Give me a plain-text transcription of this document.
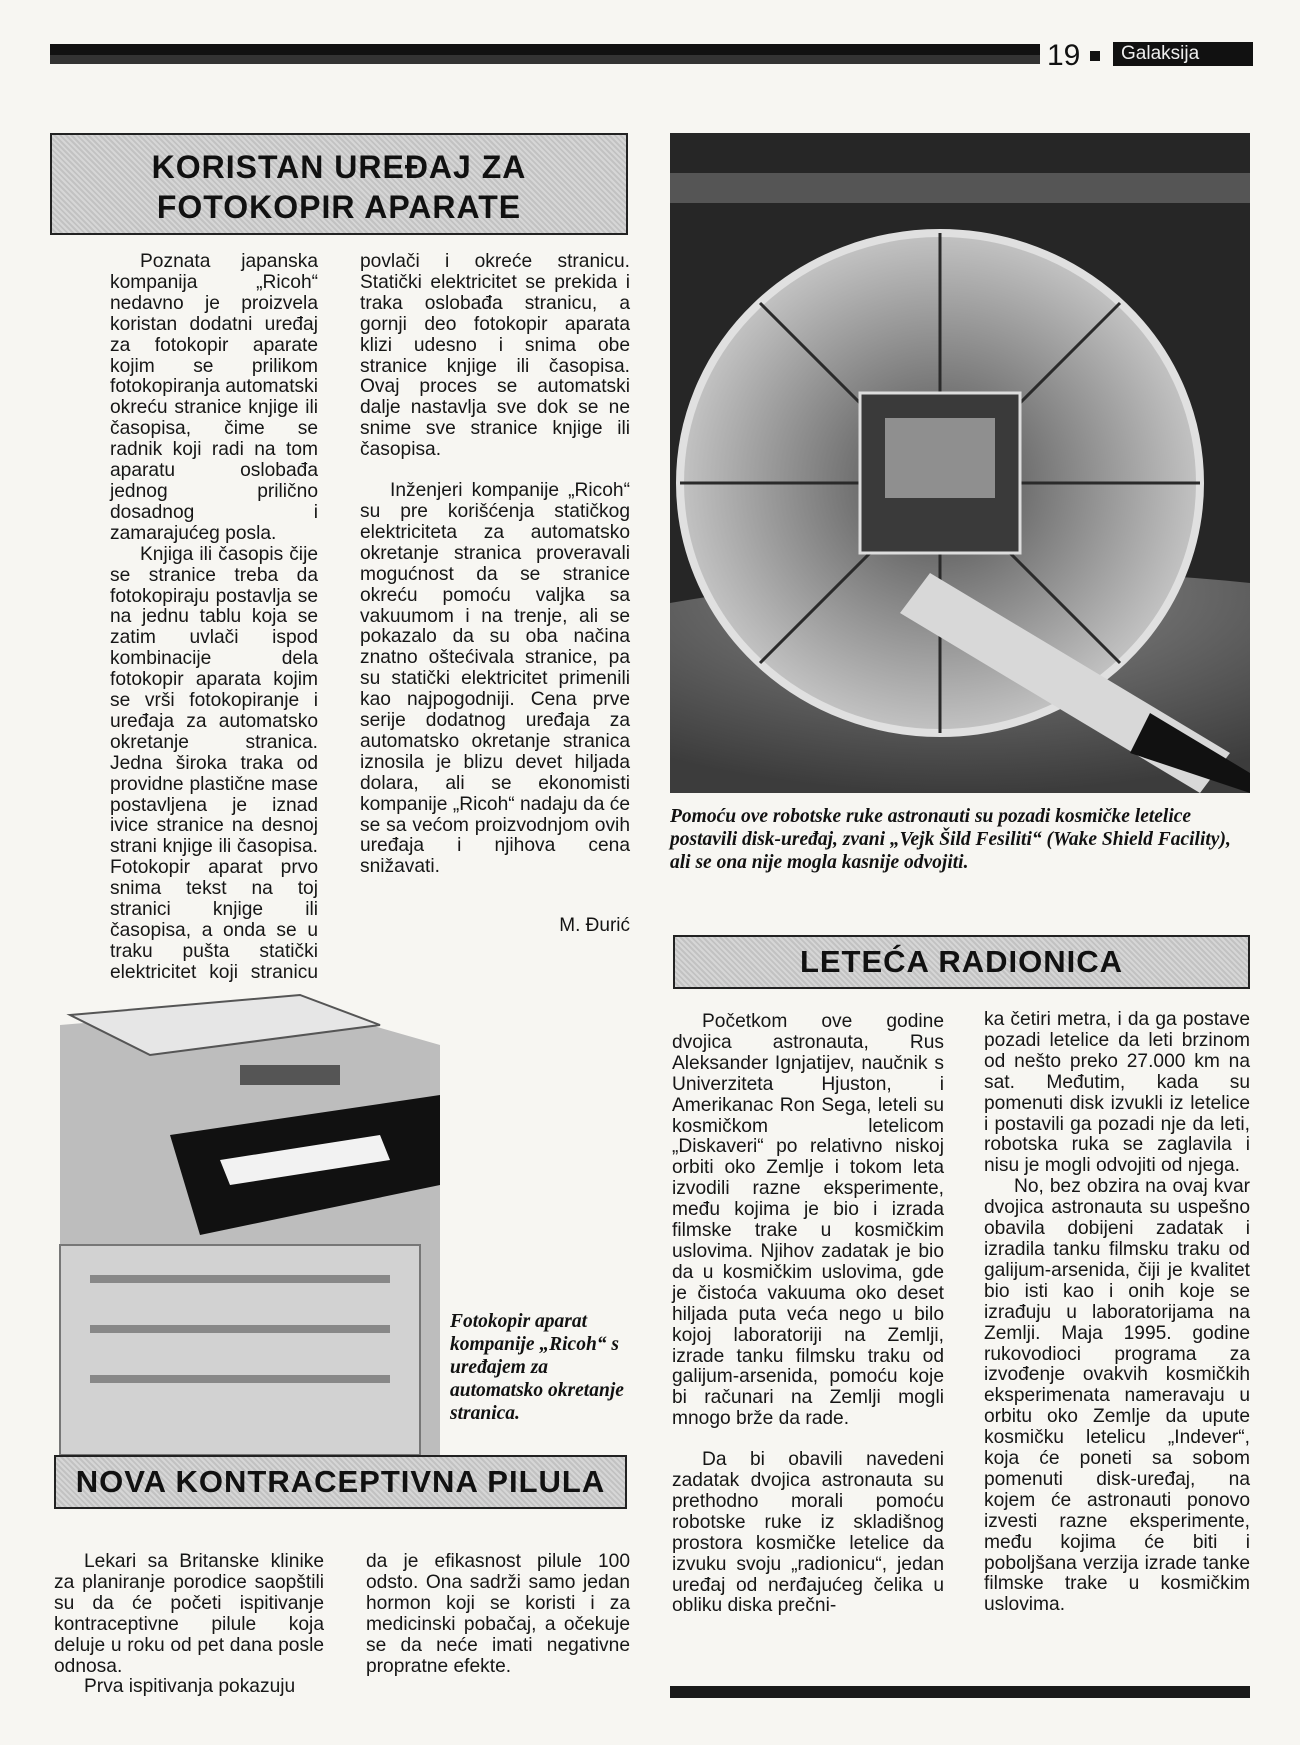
19	Galaksija
KORISTAN UREĐAJ ZA
FOTOKOPIR APARATE

Poznata japanska kompanija „Ricoh“ nedavno je proizvela koristan dodatni uređaj za fotokopir aparate kojim se prilikom fotokopiranja automatski okreću stranice knjige ili časopisa, čime se radnik koji radi na tom aparatu oslobađa jednog prilično dosadnog i zamarajućeg posla.

Knjiga ili časopis čije se stranice treba da fotokopiraju postavlja se na jednu tablu koja se zatim uvlači ispod kombinacije dela fotokopir aparata kojim se vrši fotokopiranje i uređaja za automatsko okretanje stranica. Jedna široka traka od providne plastične mase postavljena je iznad ivice stranice na desnoj strani knjige ili časopisa. Fotokopir aparat prvo snima tekst na toj stranici knjige ili časopisa, a onda se u traku pušta statički elektricitet koji stranicu

povlači i okreće stranicu. Statički elektricitet se prekida i traka oslobađa stranicu, a gornji deo fotokopir aparata klizi udesno i snima obe stranice knjige ili časopisa. Ovaj proces se automatski dalje nastavlja sve dok se ne snime sve stranice knjige ili časopisa.

Inženjeri kompanije „Ricoh“ su pre korišćenja statičkog elektriciteta za automatsko okretanje stranica proveravali mogućnost da se stranice okreću pomoću valjka sa vakuumom i na trenje, ali se pokazalo da su oba načina znatno oštećivala stranice, pa su statički elektricitet primenili kao najpogodniji. Cena prve serije dodatnog uređaja za automatsko okretanje stranica iznosila je blizu devet hiljada dolara, ali se ekonomisti kompanije „Ricoh“ nadaju da će se sa većom proizvodnjom ovih uređaja i njihova cena snižavati.

M. Đurić
Pomoću ove robotske ruke astronauti su pozadi kosmičke letelice postavili disk-uređaj, zvani „Vejk Šild Fesiliti“ (Wake Shield Facility), ali se ona nije mogla kasnije odvojiti.
Fotokopir aparat kompanije „Ricoh“ s uređajem za automatsko okretanje stranica.
LETEĆA RADIONICA

Početkom ove godine dvojica astronauta, Rus Aleksander Ignjatijev, naučnik s Univerziteta Hjuston, i Amerikanac Ron Sega, leteli su kosmičkom letelicom „Diskaveri“ po relativno niskoj orbiti oko Zemlje i tokom leta izvodili razne eksperimente, među kojima je bio i izrada filmske trake u kosmičkim uslovima. Njihov zadatak je bio da u kosmičkim uslovima, gde je čistoća vakuuma oko deset hiljada puta veća nego u bilo kojoj laboratoriji na Zemlji, izrade tanku filmsku traku od galijum-arsenida, pomoću koje bi računari na Zemlji mogli mnogo brže da rade.

Da bi obavili navedeni zadatak dvojica astronauta su prethodno morali pomoću robotske ruke iz skladišnog prostora kosmičke letelice da izvuku svoju „radionicu“, jedan uređaj od nerđajućeg čelika u obliku diska prečni-

ka četiri metra, i da ga postave pozadi letelice da leti brzinom od nešto preko 27.000 km na sat. Međutim, kada su pomenuti disk izvukli iz letelice i postavili ga pozadi nje da leti, robotska ruka se zaglavila i nisu je mogli odvojiti od njega.

No, bez obzira na ovaj kvar dvojica astronauta su uspešno obavila dobijeni zadatak i izradila tanku filmsku traku od galijum-arsenida, čiji je kvalitet bio isti kao i onih koje se izrađuju u laboratorijama na Zemlji. Maja 1995. godine rukovodioci programa za izvođenje ovakvih kosmičkih eksperimenata nameravaju u orbitu oko Zemlje da upute kosmičku letelicu „Indever“, koja će poneti sa sobom pomenuti disk-uređaj, na kojem će astronauti ponovo izvesti razne eksperimente, među kojima će biti i poboljšana verzija izrade tanke filmske trake u kosmičkim uslovima.

NOVA KONTRACEPTIVNA PILULA

Lekari sa Britanske klinike za planiranje porodice saopštili su da će početi ispitivanje kontraceptivne pilule koja deluje u roku od pet dana posle odnosa.

Prva ispitivanja pokazuju

da je efikasnost pilule 100 odsto. Ona sadrži samo jedan hormon koji se koristi i za medicinski pobačaj, a očekuje se da neće imati negativne propratne efekte.
